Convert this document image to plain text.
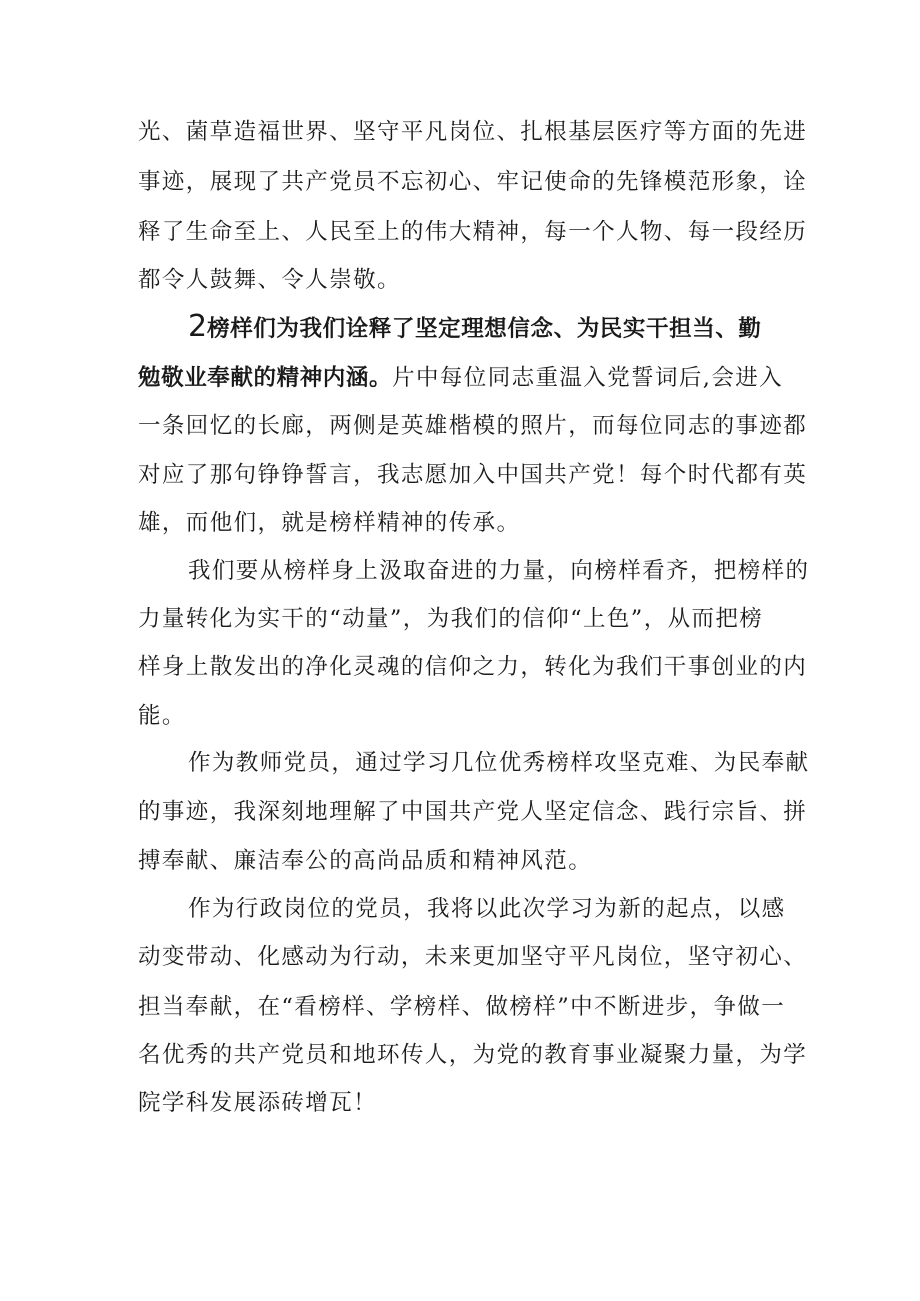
光、菌草造福世界、坚守平凡岗位、扎根基层医疗等方面的先进
事迹，展现了共产党员不忘初心、牢记使命的先锋模范形象，诠
释了生命至上、人民至上的伟大精神，每一个人物、每一段经历
都令人鼓舞、令人崇敬。
2榜样们为我们诠释了坚定理想信念、为民实干担当、勤
勉敬业奉献的精神内涵。片中每位同志重温入党誓词后,会进入
一条回忆的长廊，两侧是英雄楷模的照片，而每位同志的事迹都
对应了那句铮铮誓言，我志愿加入中国共产党！每个时代都有英
雄，而他们，就是榜样精神的传承。
我们要从榜样身上汲取奋进的力量，向榜样看齐，把榜样的
力量转化为实干的“动量”，为我们的信仰“上色”，从而把榜
样身上散发出的净化灵魂的信仰之力，转化为我们干事创业的内
能。
作为教师党员，通过学习几位优秀榜样攻坚克难、为民奉献
的事迹，我深刻地理解了中国共产党人坚定信念、践行宗旨、拼
搏奉献、廉洁奉公的高尚品质和精神风范。
作为行政岗位的党员，我将以此次学习为新的起点，以感
动变带动、化感动为行动，未来更加坚守平凡岗位，坚守初心、
担当奉献，在“看榜样、学榜样、做榜样”中不断进步，争做一
名优秀的共产党员和地环传人，为党的教育事业凝聚力量，为学
院学科发展添砖增瓦！
